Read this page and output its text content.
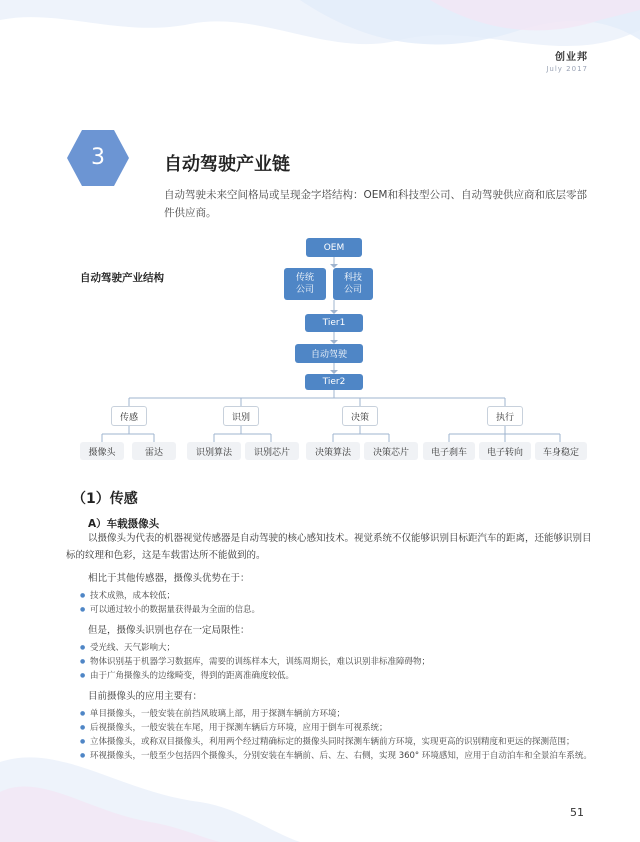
创业邦
July 2017
3	自动驾驶产业链
自动驾驶未来空间格局或呈现金字塔结构：OEM和科技型公司、自动驾驶供应商和底层零部件供应商。
自动驾驶产业结构
OEM
传统
公司
科技
公司
Tier1
自动驾驶
Tier2
传感	识别	决策	执行
摄像头	雷达	识别算法	识别芯片	决策算法	决策芯片	电子刹车	电子转向	车身稳定
（1）传感
A）车载摄像头
以摄像头为代表的机器视觉传感器是自动驾驶的核心感知技术。视觉系统不仅能够识别目标距汽车的距离，还能够识别目标的纹理和色彩，这是车载雷达所不能做到的。
相比于其他传感器，摄像头优势在于：
● 技术成熟，成本较低；
● 可以通过较小的数据量获得最为全面的信息。
但是，摄像头识别也存在一定局限性：
● 受光线、天气影响大；
● 物体识别基于机器学习数据库，需要的训练样本大，训练周期长，难以识别非标准障碍物；
● 由于广角摄像头的边缘畸变，得到的距离准确度较低。
目前摄像头的应用主要有：
● 单目摄像头，一般安装在前挡风玻璃上部，用于探测车辆前方环境；
● 后视摄像头，一般安装在车尾，用于探测车辆后方环境，应用于倒车可视系统；
● 立体摄像头，或称双目摄像头，利用两个经过精确标定的摄像头同时探测车辆前方环境，实现更高的识别精度和更远的探测范围；
● 环视摄像头，一般至少包括四个摄像头，分别安装在车辆前、后、左、右侧，实现 360° 环境感知，应用于自动泊车和全景泊车系统。
51
